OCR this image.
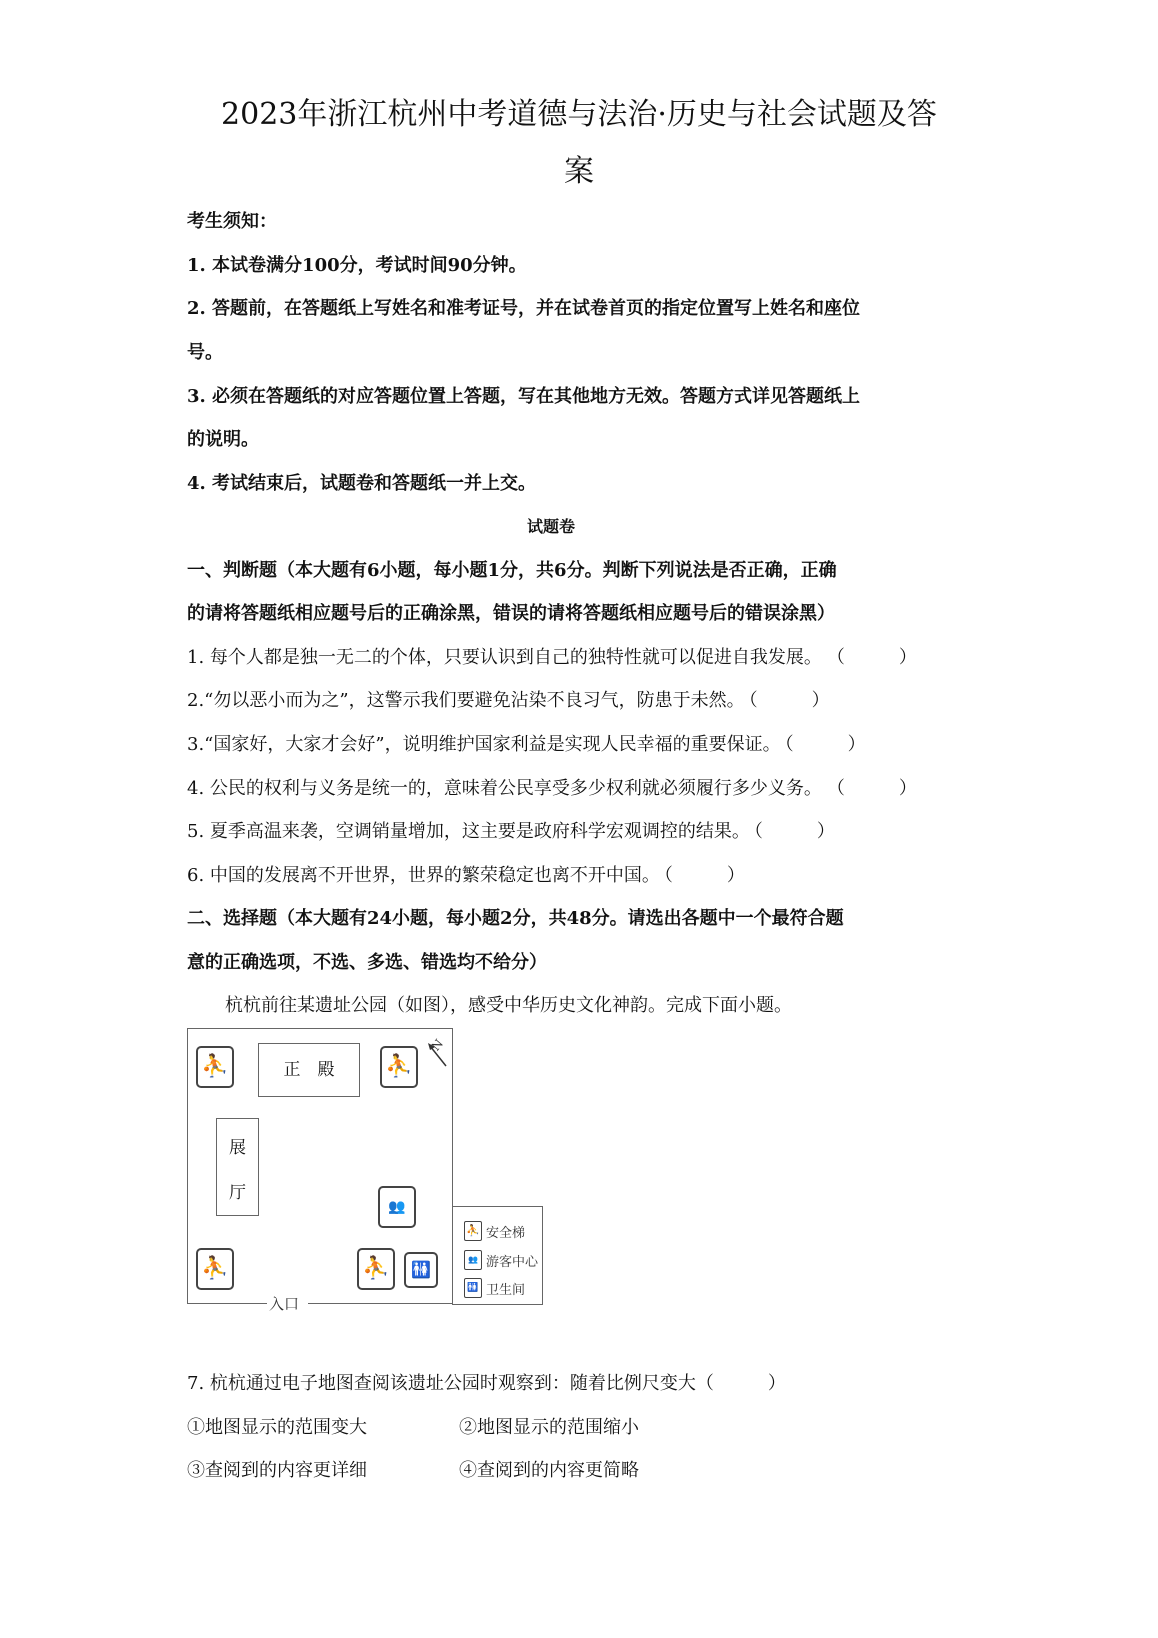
2023年浙江杭州中考道德与法治·历史与社会试题及答
案
考生须知：
1. 本试卷满分100分，考试时间90分钟。
2. 答题前，在答题纸上写姓名和准考证号，并在试卷首页的指定位置写上姓名和座位
号。
3. 必须在答题纸的对应答题位置上答题，写在其他地方无效。答题方式详见答题纸上
的说明。
4. 考试结束后，试题卷和答题纸一并上交。
试题卷
一、判断题（本大题有6小题，每小题1分，共6分。判断下列说法是否正确，正确
的请将答题纸相应题号后的正确涂黑，错误的请将答题纸相应题号后的错误涂黑）
1. 每个人都是独一无二的个体，只要认识到自己的独特性就可以促进自我发展。 （　　　）
2.“勿以恶小而为之”，这警示我们要避免沾染不良习气，防患于未然。 （　　　）
3.“国家好，大家才会好”，说明维护国家利益是实现人民幸福的重要保证。 （　　　）
4. 公民的权利与义务是统一的，意味着公民享受多少权利就必须履行多少义务。 （　　　）
5. 夏季高温来袭，空调销量增加，这主要是政府科学宏观调控的结果。 （　　　）
6. 中国的发展离不开世界，世界的繁荣稳定也离不开中国。 （　　　）
二、选择题（本大题有24小题，每小题2分，共48分。请选出各题中一个最符合题
意的正确选项，不选、多选、错选均不给分）
杭杭前往某遗址公园（如图），感受中华历史文化神韵。完成下面小题。
入口
正　殿
展
厅
⛹	⛹
⛹	⛹
👥
🚻
N
⛹ 安全梯
👥 游客中心
🚻 卫生间
7. 杭杭通过电子地图查阅该遗址公园时观察到：随着比例尺变大（　　　）
①地图显示的范围变大	②地图显示的范围缩小
③查阅到的内容更详细	④查阅到的内容更简略
